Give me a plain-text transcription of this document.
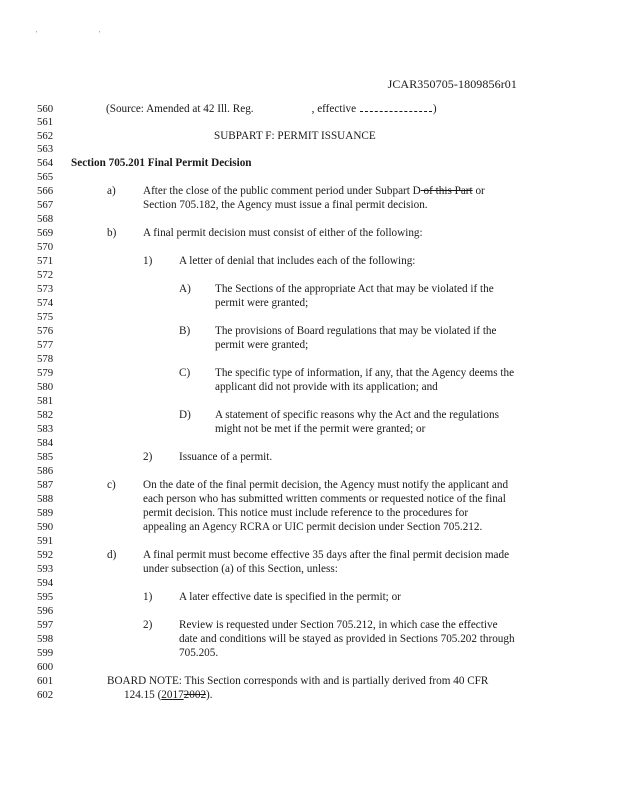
' '
JCAR350705-1809856r01
560	(Source: Amended at 42 Ill. Reg.	, effective	)
561
562	SUBPART F: PERMIT ISSUANCE
563
564	Section 705.201 Final Permit Decision
565
566	a) After the close of the public comment period under Subpart D of this Part or
567	Section 705.182, the Agency must issue a final permit decision.
568
569	b) A final permit decision must consist of either of the following:
570
571	1) A letter of denial that includes each of the following:
572
573	A) The Sections of the appropriate Act that may be violated if the
574	permit were granted;
575
576	B) The provisions of Board regulations that may be violated if the
577	permit were granted;
578
579	C) The specific type of information, if any, that the Agency deems the
580	applicant did not provide with its application; and
581
582	D) A statement of specific reasons why the Act and the regulations
583	might not be met if the permit were granted; or
584
585	2) Issuance of a permit.
586
587	c) On the date of the final permit decision, the Agency must notify the applicant and
588	each person who has submitted written comments or requested notice of the final
589	permit decision. This notice must include reference to the procedures for
590	appealing an Agency RCRA or UIC permit decision under Section 705.212.
591
592	d) A final permit must become effective 35 days after the final permit decision made
593	under subsection (a) of this Section, unless:
594
595	1) A later effective date is specified in the permit; or
596
597	2) Review is requested under Section 705.212, in which case the effective
598	date and conditions will be stayed as provided in Sections 705.202 through
599	705.205.
600
601	BOARD NOTE: This Section corresponds with and is partially derived from 40 CFR
602	124.15 (20172002).
